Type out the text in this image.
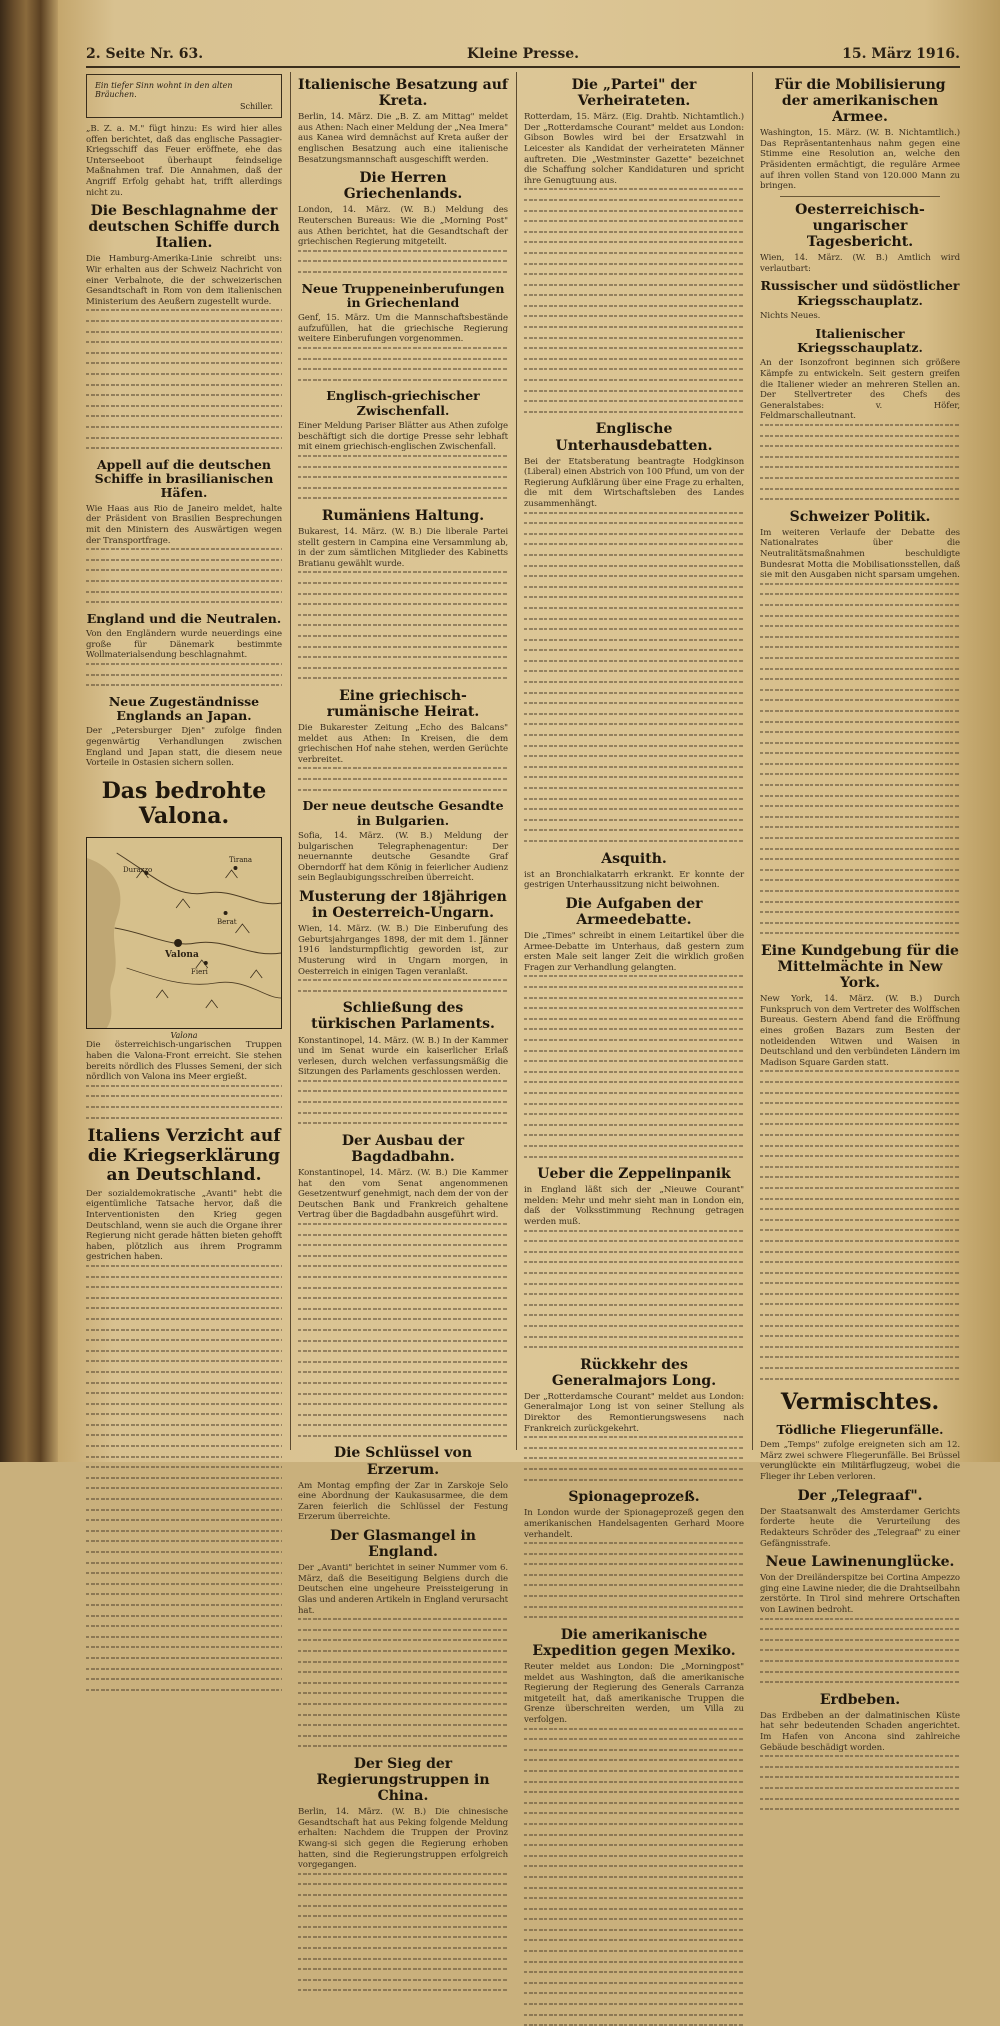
2. Seite Nr. 63.	Kleine Presse.	15. März 1916.
Ein tiefer Sinn wohnt in den alten Bräuchen.
Schiller.

„B. Z. a. M." fügt hinzu: Es wird hier alles offen berichtet, daß das englische Passagier-Kriegsschiff das Feuer eröffnete, ehe das Unterseeboot überhaupt feindselige Maßnahmen traf. Die Annahmen, daß der Angriff Erfolg gehabt hat, trifft allerdings nicht zu.

Die Beschlagnahme der deutschen Schiffe durch Italien.

Die Hamburg-Amerika-Linie schreibt uns: Wir erhalten aus der Schweiz Nachricht von einer Verbalnote, die der schweizerischen Gesandtschaft in Rom von dem italienischen Ministerium des Aeußern zugestellt wurde.

Appell auf die deutschen Schiffe in brasilianischen Häfen.

Wie Haas aus Rio de Janeiro meldet, halte der Präsident von Brasilien Besprechungen mit den Ministern des Auswärtigen wegen der Transportfrage.

England und die Neutralen.

Von den Engländern wurde neuerdings eine große für Dänemark bestimmte Wollmaterialsendung beschlagnahmt.

Neue Zugeständnisse Englands an Japan.

Der „Petersburger Djen" zufolge finden gegenwärtig Verhandlungen zwischen England und Japan statt, die diesem neue Vorteile in Ostasien sichern sollen.

Das bedrohte Valona.
Valona
Durazzo
Berat
Fieri
Tirana
Valona

Die österreichisch-ungarischen Truppen haben die Valona-Front erreicht. Sie stehen bereits nördlich des Flusses Semeni, der sich nördlich von Valona ins Meer ergießt.

Italiens Verzicht auf die Kriegserklärung an Deutschland.

Der sozialdemokratische „Avanti" hebt die eigentümliche Tatsache hervor, daß die Interventionisten den Krieg gegen Deutschland, wenn sie auch die Organe ihrer Regierung nicht gerade hätten bieten gehofft haben, plötzlich aus ihrem Programm gestrichen haben.

Italienische Besatzung auf Kreta.

Berlin, 14. März. Die „B. Z. am Mittag" meldet aus Athen: Nach einer Meldung der „Nea Imera" aus Kanea wird demnächst auf Kreta außer der englischen Besatzung auch eine italienische Besatzungsmannschaft ausgeschifft werden.

Die Herren Griechenlands.

London, 14. März. (W. B.) Meldung des Reuterschen Bureaus: Wie die „Morning Post" aus Athen berichtet, hat die Gesandtschaft der griechischen Regierung mitgeteilt.

Neue Truppeneinberufungen in Griechenland

Genf, 15. März. Um die Mannschaftsbestände aufzufüllen, hat die griechische Regierung weitere Einberufungen vorgenommen.

Englisch-griechischer Zwischenfall.

Einer Meldung Pariser Blätter aus Athen zufolge beschäftigt sich die dortige Presse sehr lebhaft mit einem griechisch-englischen Zwischenfall.

Rumäniens Haltung.

Bukarest, 14. März. (W. B.) Die liberale Partei stellt gestern in Campina eine Versammlung ab, in der zum sämtlichen Mitglieder des Kabinetts Bratianu gewählt wurde.

Eine griechisch-rumänische Heirat.

Die Bukarester Zeitung „Echo des Balcans" meldet aus Athen: In Kreisen, die dem griechischen Hof nahe stehen, werden Gerüchte verbreitet.

Der neue deutsche Gesandte in Bulgarien.

Sofia, 14. März. (W. B.) Meldung der bulgarischen Telegraphenagentur: Der neuernannte deutsche Gesandte Graf Oberndorff hat dem König in feierlicher Audienz sein Beglaubigungsschreiben überreicht.

Musterung der 18jährigen in Oesterreich-Ungarn.

Wien, 14. März. (W. B.) Die Einberufung des Geburtsjahrganges 1898, der mit dem 1. Jänner 1916 landsturmpflichtig geworden ist, zur Musterung wird in Ungarn morgen, in Oesterreich in einigen Tagen veranlaßt.

Schließung des türkischen Parlaments.

Konstantinopel, 14. März. (W. B.) In der Kammer und im Senat wurde ein kaiserlicher Erlaß verlesen, durch welchen verfassungsmäßig die Sitzungen des Parlaments geschlossen werden.

Der Ausbau der Bagdadbahn.

Konstantinopel, 14. März. (W. B.) Die Kammer hat den vom Senat angenommenen Gesetzentwurf genehmigt, nach dem der von der Deutschen Bank und Frankreich gehaltene Vertrag über die Bagdadbahn ausgeführt wird.

Die Schlüssel von Erzerum.

Am Montag empfing der Zar in Zarskoje Selo eine Abordnung der Kaukasusarmee, die dem Zaren feierlich die Schlüssel der Festung Erzerum überreichte.

Der Glasmangel in England.

Der „Avanti" berichtet in seiner Nummer vom 6. März, daß die Beseitigung Belgiens durch die Deutschen eine ungeheure Preissteigerung in Glas und anderen Artikeln in England verursacht hat.

Der Sieg der Regierungstruppen in China.

Berlin, 14. März. (W. B.) Die chinesische Gesandtschaft hat aus Peking folgende Meldung erhalten: Nachdem die Truppen der Provinz Kwang-si sich gegen die Regierung erhoben hatten, sind die Regierungstruppen erfolgreich vorgegangen.

Die „Partei" der Verheirateten.

Rotterdam, 15. März. (Eig. Drahtb. Nichtamtlich.) Der „Rotterdamsche Courant" meldet aus London: Gibson Bowles wird bei der Ersatzwahl in Leicester als Kandidat der verheirateten Männer auftreten. Die „Westminster Gazette" bezeichnet die Schaffung solcher Kandidaturen und spricht ihre Genugtuung aus.

Englische Unterhausdebatten.

Bei der Etatsberatung beantragte Hodgkinson (Liberal) einen Abstrich von 100 Pfund, um von der Regierung Aufklärung über eine Frage zu erhalten, die mit dem Wirtschaftsleben des Landes zusammenhängt.

Asquith.

ist an Bronchialkatarrh erkrankt. Er konnte der gestrigen Unterhaussitzung nicht beiwohnen.

Die Aufgaben der Armeedebatte.

Die „Times" schreibt in einem Leitartikel über die Armee-Debatte im Unterhaus, daß gestern zum ersten Male seit langer Zeit die wirklich großen Fragen zur Verhandlung gelangten.

Ueber die Zeppelinpanik

in England läßt sich der „Nieuwe Courant" melden: Mehr und mehr sieht man in London ein, daß der Volksstimmung Rechnung getragen werden muß.

Rückkehr des Generalmajors Long.

Der „Rotterdamsche Courant" meldet aus London: Generalmajor Long ist von seiner Stellung als Direktor des Remontierungswesens nach Frankreich zurückgekehrt.

Spionageprozeß.

In London wurde der Spionageprozeß gegen den amerikanischen Handelsagenten Gerhard Moore verhandelt.

Die amerikanische Expedition gegen Mexiko.

Reuter meldet aus London: Die „Morningpost" meldet aus Washington, daß die amerikanische Regierung der Regierung des Generals Carranza mitgeteilt hat, daß amerikanische Truppen die Grenze überschreiten werden, um Villa zu verfolgen.

Für die Mobilisierung der amerikanischen Armee.

Washington, 15. März. (W. B. Nichtamtlich.) Das Repräsentantenhaus nahm gegen eine Stimme eine Resolution an, welche den Präsidenten ermächtigt, die reguläre Armee auf ihren vollen Stand von 120.000 Mann zu bringen.

Oesterreichisch-ungarischer Tagesbericht.

Wien, 14. März. (W. B.) Amtlich wird verlautbart:

Russischer und südöstlicher Kriegsschauplatz.

Nichts Neues.

Italienischer Kriegsschauplatz.

An der Isonzofront beginnen sich größere Kämpfe zu entwickeln. Seit gestern greifen die Italiener wieder an mehreren Stellen an. Der Stellvertreter des Chefs des Generalstabes: v. Höfer, Feldmarschalleutnant.

Schweizer Politik.

Im weiteren Verlaufe der Debatte des Nationalrates über die Neutralitätsmaßnahmen beschuldigte Bundesrat Motta die Mobilisationsstellen, daß sie mit den Ausgaben nicht sparsam umgehen.

Eine Kundgebung für die Mittelmächte in New York.

New York, 14. März. (W. B.) Durch Funkspruch von dem Vertreter des Wolffschen Bureaus. Gestern Abend fand die Eröffnung eines großen Bazars zum Besten der notleidenden Witwen und Waisen in Deutschland und den verbündeten Ländern im Madison Square Garden statt.

Vermischtes.
Tödliche Fliegerunfälle.

Dem „Temps" zufolge ereigneten sich am 12. März zwei schwere Fliegerunfälle. Bei Brüssel verunglückte ein Militärflugzeug, wobei die Flieger ihr Leben verloren.

Der „Telegraaf".

Der Staatsanwalt des Amsterdamer Gerichts forderte heute die Verurteilung des Redakteurs Schröder des „Telegraaf" zu einer Gefängnisstrafe.

Neue Lawinenunglücke.

Von der Dreiländerspitze bei Cortina Ampezzo ging eine Lawine nieder, die die Drahtseilbahn zerstörte. In Tirol sind mehrere Ortschaften von Lawinen bedroht.

Erdbeben.

Das Erdbeben an der dalmatinischen Küste hat sehr bedeutenden Schaden angerichtet. Im Hafen von Ancona sind zahlreiche Gebäude beschädigt worden.
